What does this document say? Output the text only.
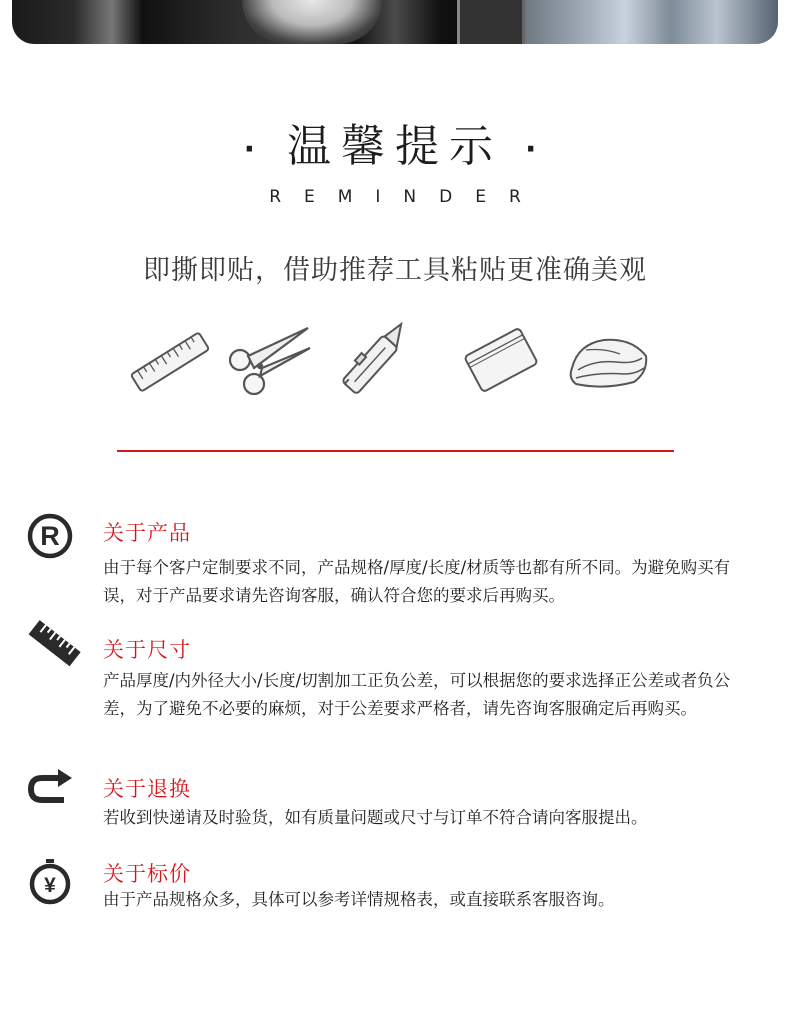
· 温馨提示 ·
REMINDER
即撕即贴，借助推荐工具粘贴更准确美观
R 关于产品
由于每个客户定制要求不同，产品规格/厚度/长度/材质等也都有所不同。为避免购买有误，对于产品要求请先咨询客服，确认符合您的要求后再购买。
关于尺寸
产品厚度/内外径大小/长度/切割加工正负公差，可以根据您的要求选择正公差或者负公差，为了避免不必要的麻烦，对于公差要求严格者，请先咨询客服确定后再购买。
关于退换
若收到快递请及时验货，如有质量问题或尺寸与订单不符合请向客服提出。
¥ 关于标价
由于产品规格众多，具体可以参考详情规格表，或直接联系客服咨询。
